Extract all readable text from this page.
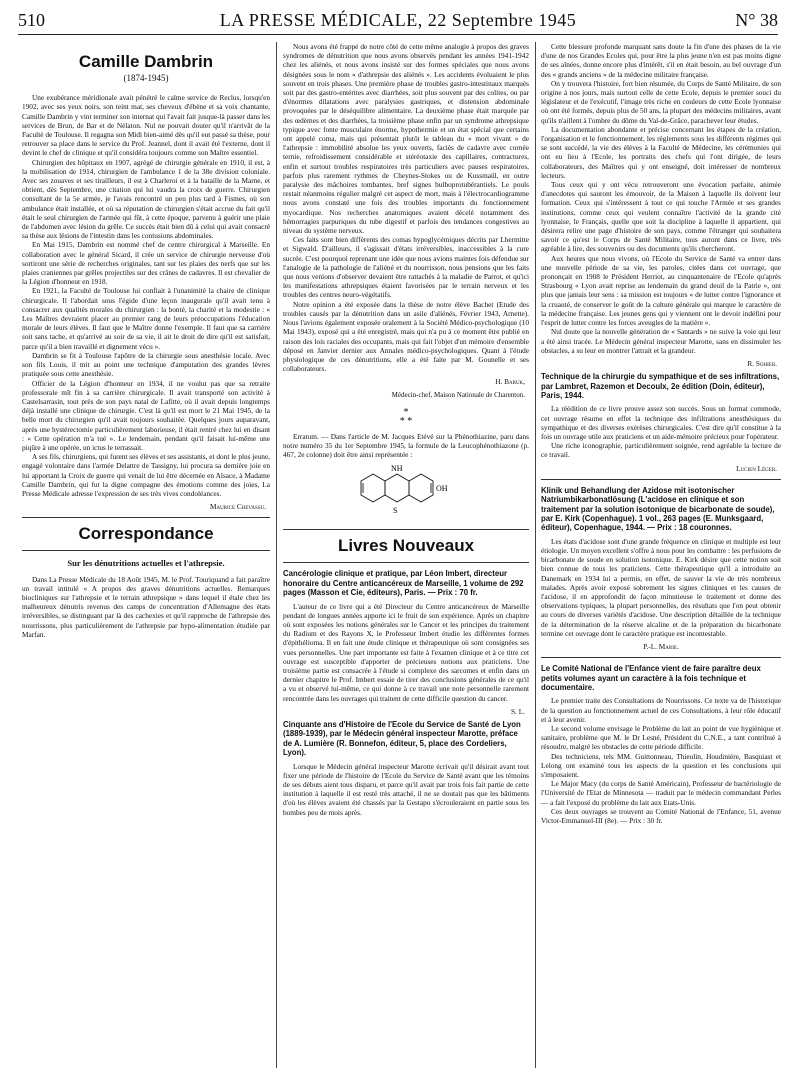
510	LA PRESSE MÉDICALE, 22 Septembre 1945	N° 38
Camille Dambrin
(1874-1945)

Une exubérance méridionale avait pénétré le calme service de Reclus, lorsqu'en 1902, avec ses yeux noirs, son teint mat, ses cheveux d'ébène et sa voix chantante, Camille Dambrin y vint terminer son internat qui l'avait fait jusque-là passer dans les services de Brun, de Bar et de Nélaton. Nul ne pouvait douter qu'il n'arrivât de la Faculté de Toulouse. Il regagna son Midi bien-aimé dès qu'il eut passé sa thèse, pour retrouver sa place dans le service du Prof. Jeannel, dont il avait été l'externe, dont il devint le chef de clinique et qu'il considéra toujours comme son Maître essentiel.

Chirurgien des hôpitaux en 1907, agrégé de chirurgie générale en 1910, il est, à la mobilisation de 1914, chirurgien de l'ambulance 1 de la 38e division coloniale. Avec ses zouaves et ses tirailleurs, il est à Charleroi et à la bataille de la Marne, et obtient, dès Septembre, une citation qui lui vaudra la croix de guerre. Chirurgien consultant de la 5e armée, je l'avais rencontré un peu plus tard à Fismes, où son ambulance était installée, et où sa réputation de chirurgien s'était accrue du fait qu'il était le seul chirurgien de l'armée qui fût, à cette époque, parvenu à guérir une plaie de l'abdomen avec lésion du grêle. Ce succès était bien dû à celui qui avait consacré sa thèse aux lésions de l'intestin dans les contusions abdominales.

En Mai 1915, Dambrin est nommé chef de centre chirurgical à Marseille. En collaboration avec le général Sicard, il crée un service de chirurgie nerveuse d'où sortiront une série de recherches originales, tant sur les plaies des nerfs que sur les plaies craniennes par grêles projectiles sur des crânes de cadavres. Il est chevalier de la Légion d'honneur en 1918.

En 1921, la Faculté de Toulouse lui confiait à l'unanimité la chaire de clinique chirurgicale. Il l'abordait sous l'égide d'une leçon inaugurale qu'il avait tenu à consacrer aux qualités morales du chirurgien : la bonté, la charité et la modestie : « Les Maîtres devraient placer au premier rang de leurs préoccupations l'éducation morale de leurs élèves. Il faut que le Maître donne l'exemple. Il faut que sa carrière soit sans tache, et qu'arrivé au soir de sa vie, il ait le droit de dire qu'il est satisfait, parce qu'il a bien travaillé et dignement vécu ».

Dambrin se fit à Toulouse l'apôtre de la chirurgie sous anesthésie locale. Avec son fils Louis, il mit au point une technique d'amputation des grandes lèvres pratiquée sous cette anesthésie.

Officier de la Légion d'honneur en 1934, il ne voulut pas que sa retraite professorale mît fin à sa carrière chirurgicale. Il avait transporté son activité à Castelsarrasin, tout près de son pays natal de Lafitte, où il avait depuis longtemps déjà installé une clinique de chirurgie. C'est là qu'il est mort le 21 Mai 1945, de la belle mort du chirurgien qu'il avait toujours souhaitée. Quelques jours auparavant, après une hystérectomie particulièrement laborieuse, il était rentré chez lui en disant : « Cette opération m'a tué ». Le lendemain, pendant qu'il faisait lui-même une piqûre à une opérée, un ictus le terrassait.

A ses fils, chirurgiens, qui furent ses élèves et ses assistants, et dont le plus jeune, engagé volontaire dans l'armée Delattre de Tassigny, lui procura sa dernière joie en lui apportant la Croix de guerre qui venait de lui être décernée en Alsace, à Madame Camille Dambrin, qui fut la digne compagne des émotions comme des joies, La Presse Médicale adresse l'expression de ses très vives condoléances.

Maurice Chevassu.
Correspondance
Sur les dénutritions actuelles et l'athrepsie.

Dans La Presse Médicale du 18 Août 1945, M. le Prof. Touriquand a fait paraître un travail intitulé « A propos des graves dénutritions actuelles. Remarques biocliniques sur l'athrepsie et le terrain athrepsique » dans lequel il étale chez les malheureux dénutris revenus des camps de concentration d'Allemagne des états irréversibles, se distinguant par là des cachexies et qu'il rapproche de l'athrepsie des nourrissons, plus particulièrement de l'athrepsie par hypo-alimentation étudiée par Marfan.

Nous avons été frappé de notre côté de cette même analogie à propos des graves syndromes de dénutrition que nous avons observés pendant les années 1941-1942 chez les aliénés, et nous avons insisté sur des formes spéciales que nous avons désignées sous le nom « d'athrepsie des aliénés ». Les accidents évoluaient le plus souvent en trois phases. Une première phase de troubles gastro-intestinaux marqués soit par des gastro-entérites avec diarrhées, soit plus souvent par des colites, ou par d'énormes dilatations avec paralysies gastriques, et distension abdominale provoquées par le déséquilibre alimentaire. La deuxième phase était marquée par des œdèmes et des diarrhées, la troisième phase enfin par un syndrome athrepsique typique avec fonte musculaire énorme, hypothermie et un état spécial que certains ont appelé coma, mais qui présentait plutôt le tableau du « mort vivant » de l'athrepsie : immobilité absolue les yeux ouverts, faciès de cadavre avec cornée ternie, refroidissement considérable et stéréotaxie des capillaires, contractures, enfin et surtout troubles respiratoires très particuliers avec pauses respiratoires, parfois plus rarement rythmes de Cheynes-Stokes ou de Kussmaül, en outre paralysie des mâchoires tombantes, bref signes bulboprotubérantiels. Le pouls restait néanmoins régulier malgré cet aspect de mort, mais à l'électrocardiogramme nous avons constaté une fois des troubles importants du fonctionnement myocardique. Nos recherches anatomiques avaient décelé notamment des hémorragies parpuriques du tube digestif et parfois des tendances congestives au niveau du système nerveux.

Ces faits sont bien différents des comas hypoglycémiques décrits par Lhermitte et Sigwald. D'ailleurs, il s'agissait d'états irréversibles, inaccessibles à la cure sucrée. C'est pourquoi reprenant une idée que nous avions maintes fois défendue sur l'analogie de la pathologie de l'aliéné et du nourrisson, nous pensions que les faits que nous venions d'observer devaient être rattachés à la maladie de Parrot, et qu'ici les manifestations athrepsiques étaient favorisées par le terrain nerveux et les troubles des centres neuro-végétatifs.

Notre opinion a été exposée dans la thèse de notre élève Bachet (Etude des troubles causés par la dénutrition dans un asile d'aliénés, Février 1943, Arnette). Nous l'avions également exposée oralement à la Société Médico-psychologique (10 Mai 1943), exposé qui a été enregistré, mais qui n'a pu à ce moment être publié en raison des lois raciales des occupants, mais qui fait l'objet d'un mémoire d'ensemble déposé en Janvier dernier aux Annales médico-psychologiques. Quant à l'étude physiologique de ces dénutritions, elle a été faite par M. Gounelle et ses collaborateurs.

H. Baruk,
Médecin-chef, Maison Nationale de Charenton.
*
* *

Erratum. — Dans l'article de M. Jacques Etévé sur la Phénothiazine, paru dans notre numéro 35 du 1er Septembre 1945, la formule de la Leucophénothiazone (p. 467, 2e colonne) doit être ainsi représentée :

NH
S
OH
Livres Nouveaux
Cancérologie clinique et pratique, par Léon Imbert, directeur honoraire du Centre anticancéreux de Marseille, 1 volume de 292 pages (Masson et Cie, éditeurs), Paris. — Prix : 70 fr.

L'auteur de ce livre qui a été Directeur du Centre anticancéreux de Marseille pendant de longues années apporte ici le fruit de son expérience. Après un chapitre où sont exposées les notions générales sur le Cancer et les principes du traitement du Radium et des Rayons X, le Professeur Imbert étudie les différentes formes d'épithélioma. Il en fait une étude clinique et thérapeutique où sont consignées ses vues personnelles. Une part importante est faite à l'examen clinique et à ce titre cet ouvrage est susceptible d'apporter de précieuses notions aux praticiens. Une troisième partie est consacrée à l'étude si complexe des sarcomes et enfin dans un dernier chapitre le Prof. Imbert essaie de tirer des conclusions générales de ce qu'il a vu et observé lui-même, ce qui donne à ce travail une note personnelle rarement rencontrée dans les ouvrages qui traitent de cette difficile question du cancer.

S. L.
Cinquante ans d'Histoire de l'Ecole du Service de Santé de Lyon (1889-1939), par le Médecin général inspecteur Marotte, préface de A. Lumière (R. Bonnefon, éditeur, 5, place des Cordeliers, Lyon).

Lorsque le Médecin général inspecteur Marotte écrivait qu'il désirait avant tout fixer une période de l'histoire de l'Ecole du Service de Santé avant que les témoins de ses débuts aient tous disparu, et parce qu'il avait par trois fois fait partie de cette institution à laquelle il est resté très attaché, il ne se doutait pas que les bâtiments d'où les élèves avaient été chassés par la Gestapo s'écrouleraient en partie sous les bombes peu de mois après.

Cette blessure profonde marquant sans doute la fin d'une des phases de la vie d'une de nos Grandes Ecoles qui, pour être la plus jeune n'en est pas moins digne de ses aînées, donne encore plus d'intérêt, s'il en était besoin, au bel ouvrage d'un des « grands anciens » de la médecine militaire française.

On y trouvera l'histoire, fort bien résumée, du Corps de Santé Militaire, de son origine à nos jours, mais surtout celle de cette Ecole, depuis le premier souci du législateur et de l'exécutif, l'image très riche en couleurs de cette Ecole lyonnaise où ont été formés, depuis plus de 50 ans, la plupart des médecins militaires, avant qu'ils n'aillent à l'ombre du dôme du Val-de-Grâce, parachever leur études.

La documentation abondante et précise concernant les étapes de la création, l'organisation et le fonctionnement, les règlements sous les différents régimes qui se sont succédé, la vie des élèves à la Faculté de Médecine, les cérémonies qui ont eu lieu à l'Ecole, les portraits des chefs qui l'ont dirigée, de leurs collaborateurs, des Maîtres qui y ont enseigné, doit intéresser de nombreux lecteurs.

Tous ceux qui y ont vécu retrouveront une évocation parfaite, animée d'anecdotes qui sauront les émouvoir, de la Maison à laquelle ils doivent leur formation. Ceux qui s'intéressent à tout ce qui touche l'Armée et ses grandes institutions, comme ceux qui veulent connaître l'activité de la grande cité lyonnaise, le Français, quelle que soit la discipline à laquelle il appartient, qui désirera relire une page d'histoire de son pays, comme l'étranger qui souhaitera savoir ce qu'est le Corps de Santé Militaire, tous auront dans ce livre, très agréable à lire, des souvenirs ou des documents qu'ils chercheront.

Aux heures que nous vivons, où l'Ecole du Service de Santé va entrer dans une nouvelle période de sa vie, les paroles, citées dans cet ouvrage, que prononçait en 1908 le Président Herriot, au cinquantenaire de l'Ecole qu'après Strasbourg « Lyon avait reprise au lendemain du grand deuil de la Patrie », ont plus que jamais leur sens : sa mission est toujours « de lutter contre l'ignorance et la cruauté, de conserver le goût de la culture générale qui marque le caractère de la médecine française. Les jeunes gens qui y viennent ont le devoir indéfini pour l'esprit de lutter contre les forces aveugles de la matière ».

Nul doute que la nouvelle génération de « Santards » ne suive la voie qui leur a été ainsi tracée. Le Médecin général inspecteur Marotte, sans en dissimuler les obstacles, a su leur en montrer l'attrait et la grandeur.

R. Sohier.
Technique de la chirurgie du sympathique et de ses infiltrations, par Lambret, Razemon et Decoulx, 2e édition (Doin, éditeur), Paris, 1944.

La réédition de ce livre prouve assez son succès. Sous un format commode, cet ouvrage résume en effet la technique des infiltrations anesthésiques du sympathique et des diverses exérèses chirurgicales. C'est dire qu'il constitue à la fois un ouvrage utile aux praticiens et un aide-mémoire précieux pour l'opérateur.

Une riche iconographie, particulièrement soignée, rend agréable la lecture de ce travail.

Lucien Léger.
Klinik und Behandlung der Azidose mit isotonischer Natriumbikarbonatlösung (L'acidose en clinique et son traitement par la solution isotonique de bicarbonate de soude), par E. Kirk (Copenhague). 1 vol., 263 pages (E. Munksgaard, éditeur), Copenhague, 1944. — Prix : 18 couronnes.

Les états d'acidose sont d'une grande fréquence en clinique et multiple est leur étiologie. Un moyen excellent s'offre à nous pour les combattre : les perfusions de bicarbonate de soude en solution isotonique. E. Kirk désire que cette notion soit bien connue de tous les praticiens. Cette thérapeutique qu'il a introduite au Danemark en 1934 lui a permis, en effet, de sauver la vie de très nombreux malades. Après avoir exposé sobrement les signes cliniques et les causes de l'acidose, il en approfondit de façon minutieuse le traitement et donne des observations typiques, la plupart personnelles, des résultats que l'on peut obtenir au cours de diverses variétés d'acidose. Une description détaillée de la technique de la détermination de la réserve alcaline et de la préparation du bicarbonate termine cet ouvrage dont le caractère pratique est incontestable.

P.-L. Marie.
Le Comité National de l'Enfance vient de faire paraître deux petits volumes ayant un caractère à la fois technique et documentaire.

Le premier traite des Consultations de Nourrissons. Ce texte va de l'historique de la question au fonctionnement actuel de ces Consultations, à leur rôle éducatif et à leur avenir.

Le second volume envisage le Problème du lait au point de vue hygiénique et sanitaire, problème que M. le Dr Lesné, Président du C.N.E., a tant contribué à résoudre, malgré les obstacles de cette période difficile.

Des techniciens, tels MM. Guittonneau, Thieulin, Houdinière, Basquiast et Lelong ont examiné tous les aspects de la question et les conclusions qui s'imposaient.

Le Major Macy (du corps de Santé Américain), Professeur de bactériologie de l'Université de l'Etat de Minnesota — traduit par le médecin commandant Perles — a fait l'exposé du problème du lait aux Etats-Unis.

Ces deux ouvrages se trouvent au Comité National de l'Enfance, 51, avenue Victor-Emmanuel-III (8e). — Prix : 30 fr.
